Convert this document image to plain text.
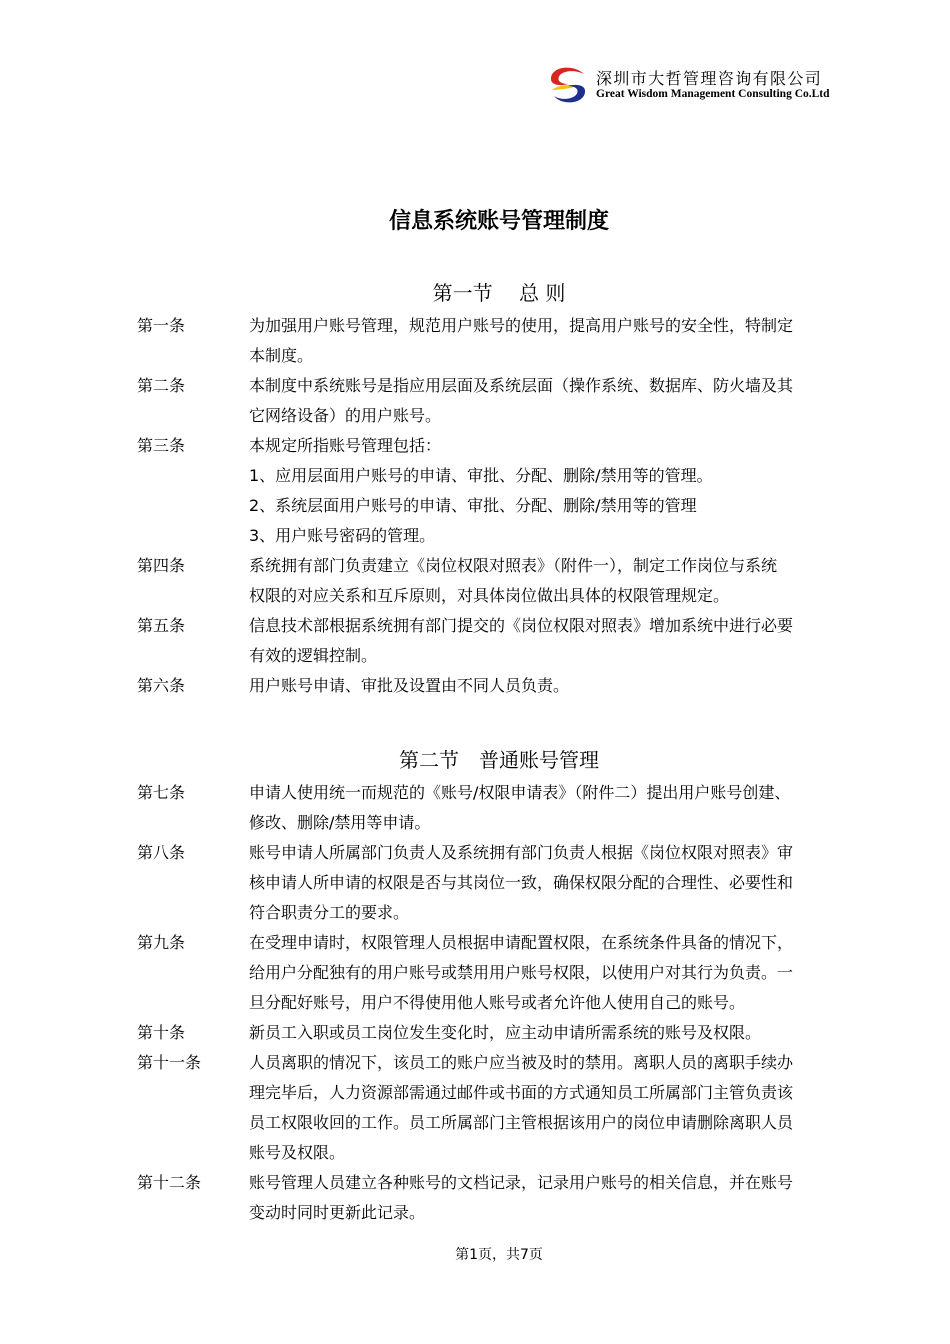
深圳市大哲管理咨询有限公司
Great Wisdom Management Consulting Co.Ltd
信息系统账号管理制度
第一节　 总 则
第一条	为加强用户账号管理，规范用户账号的使用，提高用户账号的安全性，特制定
本制度。
第二条	本制度中系统账号是指应用层面及系统层面（操作系统、数据库、防火墙及其
它网络设备）的用户账号。
第三条	本规定所指账号管理包括：
1、应用层面用户账号的申请、审批、分配、删除/禁用等的管理。
2、系统层面用户账号的申请、审批、分配、删除/禁用等的管理
3、用户账号密码的管理。
第四条	系统拥有部门负责建立《岗位权限对照表》（附件一），制定工作岗位与系统
权限的对应关系和互斥原则，对具体岗位做出具体的权限管理规定。
第五条	信息技术部根据系统拥有部门提交的《岗位权限对照表》增加系统中进行必要
有效的逻辑控制。
第六条	用户账号申请、审批及设置由不同人员负责。
第二节　普通账号管理
第七条	申请人使用统一而规范的《账号/权限申请表》（附件二）提出用户账号创建、
修改、删除/禁用等申请。
第八条	账号申请人所属部门负责人及系统拥有部门负责人根据《岗位权限对照表》审
核申请人所申请的权限是否与其岗位一致，确保权限分配的合理性、必要性和
符合职责分工的要求。
第九条	在受理申请时，权限管理人员根据申请配置权限，在系统条件具备的情况下，
给用户分配独有的用户账号或禁用用户账号权限，以使用户对其行为负责。一
旦分配好账号，用户不得使用他人账号或者允许他人使用自己的账号。
第十条	新员工入职或员工岗位发生变化时，应主动申请所需系统的账号及权限。
第十一条	人员离职的情况下，该员工的账户应当被及时的禁用。离职人员的离职手续办
理完毕后，人力资源部需通过邮件或书面的方式通知员工所属部门主管负责该
员工权限收回的工作。员工所属部门主管根据该用户的岗位申请删除离职人员
账号及权限。
第十二条	账号管理人员建立各种账号的文档记录，记录用户账号的相关信息，并在账号
变动时同时更新此记录。
第1页，共7页
